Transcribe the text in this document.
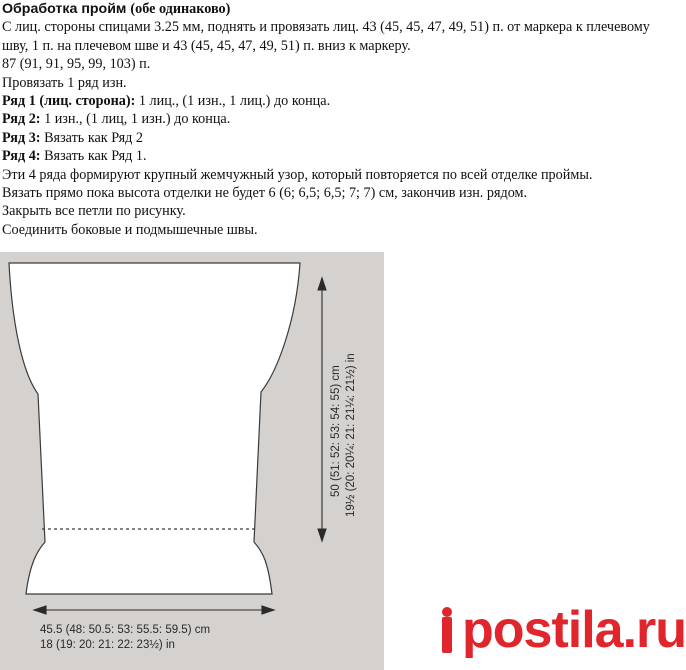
Обработка пройм (обе одинаково)

С лиц. стороны спицами 3.25 мм, поднять и провязать лиц. 43 (45, 45, 47, 49, 51) п. от маркера к плечевому шву, 1 п. на плечевом шве и 43 (45, 45, 47, 49, 51) п. вниз к маркеру.

87 (91, 91, 95, 99, 103) п.

Провязать 1 ряд изн.

Ряд 1 (лиц. сторона): 1 лиц., (1 изн., 1 лиц.) до конца.

Ряд 2: 1 изн., (1 лиц, 1 изн.) до конца.

Ряд 3: Вязать как Ряд 2

Ряд 4: Вязать как Ряд 1.

Эти 4 ряда формируют крупный жемчужный узор, который повторяется по всей отделке проймы.

Вязать прямо пока высота отделки не будет 6 (6; 6,5; 6,5; 7; 7) см, закончив изн. рядом.

Закрыть все петли по рисунку.

Соединить боковые и подмышечные швы.

50 (51: 52: 53: 54: 55) cm 19½ (20: 20¼: 21: 21¼: 21½) in
45.5 (48: 50.5: 53: 55.5: 59.5) cm
18 (19: 20: 21: 22: 23½) in	postila.ru
